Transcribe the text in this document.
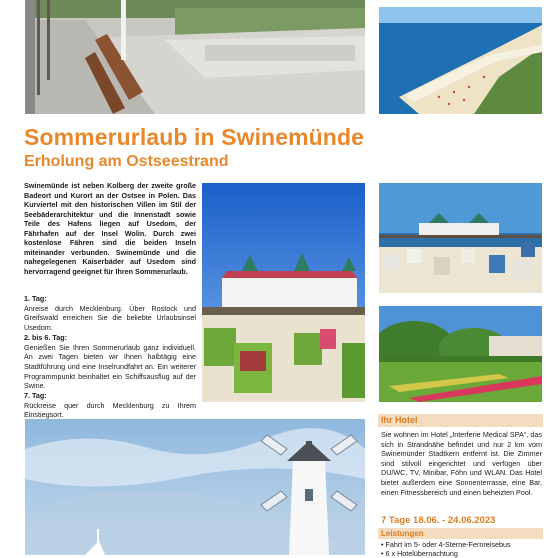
Sommerurlaub in Swinemünde
Erholung am Ostseestrand

Swinemünde ist neben Kolberg der zweite große Badeort und Kurort an der Ostsee in Polen. Das Kurviertel mit den historischen Villen im Stil der Seebäderarchitektur und die Innenstadt sowie Teile des Hafens liegen auf Usedom, der Fährhafen auf der Insel Wolin. Durch zwei kostenlose Fähren sind die beiden Inseln miteinander verbunden. Swinemünde und die nahegelegenen Kaiserbäder auf Usedom sind hervorragend geeignet für Ihren Sommerurlaub.

1. Tag:
Anreise durch Mecklenburg. Über Rostock und Greifswald erreichen Sie die beliebte Urlaubsinsel Usedom.
2. bis 6. Tag:
Genießen Sie Ihren Sommerurlaub ganz individuell. An zwei Tagen bieten wir Ihnen halbtägig eine Stadtführung und eine Inselrundfahrt an. Ein weiterer Programmpunkt beinhaltet ein Schiffsausflug auf der Swine.
7. Tag:
Rückreise quer durch Mecklenburg zu Ihrem Einstiegsort.
Ihr Hotel

Sie wohnen im Hotel „Interferie Medical SPA“, das sich in Strandnähe befindet und nur 2 km vom Swinemünder Stadtkern entfernt ist. Die Zimmer sind stilvoll eingerichtet und verfügen über DU/WC, TV, Minibar, Föhn und WLAN. Das Hotel bietet außerdem eine Sonnenterrasse, eine Bar, einen Fitnessbereich und einen beheizten Pool.

7 Tage 18.06. - 24.06.2023
Leistungen
• Fahrt im 5- oder 4-Sterne-Fernreisebus
• 6 x Hotelübernachtung
